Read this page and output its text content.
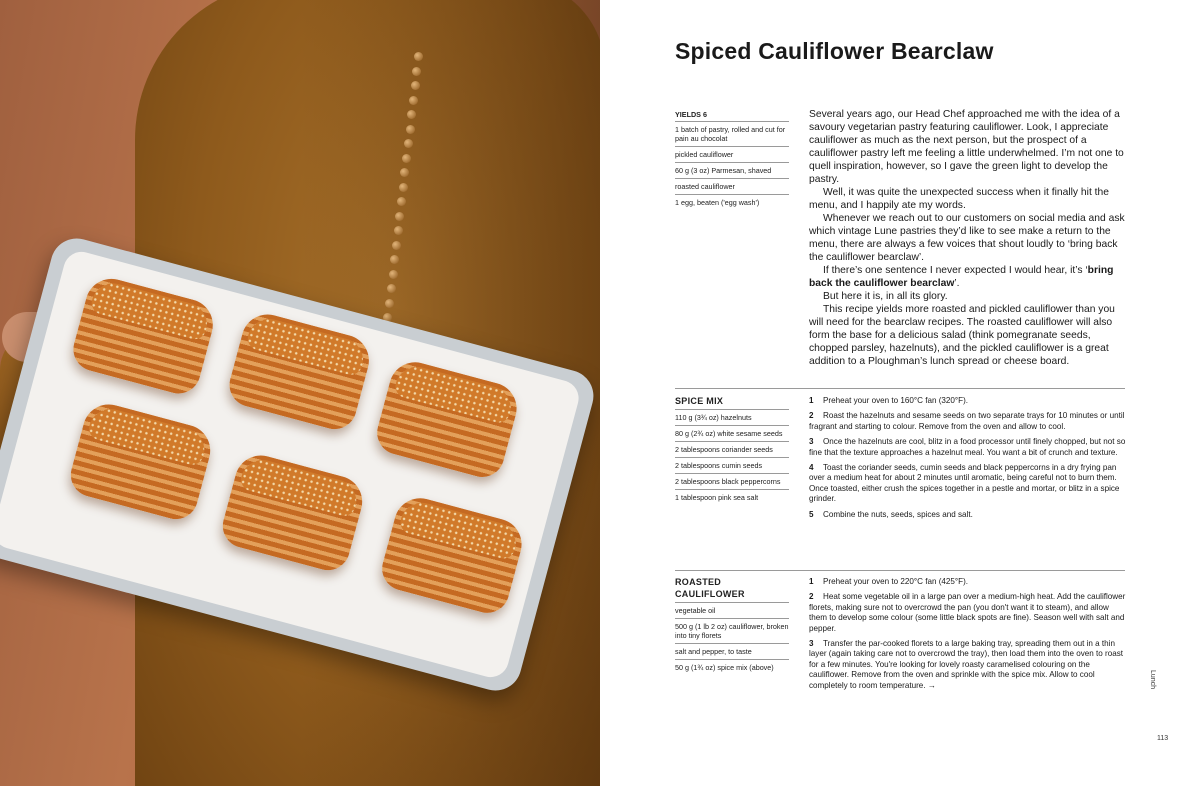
Spiced Cauliflower Bearclaw
YIELDS 6
1 batch of pastry, rolled and cut for pain au chocolat
pickled cauliflower
60 g (3 oz) Parmesan, shaved
roasted cauliflower
1 egg, beaten ('egg wash')

Several years ago, our Head Chef approached me with the idea of a savoury vegetarian pastry featuring cauliflower. Look, I appreciate cauliflower as much as the next person, but the prospect of a cauliflower pastry left me feeling a little underwhelmed. I’m not one to quell inspiration, however, so I gave the green light to develop the pastry.

Well, it was quite the unexpected success when it finally hit the menu, and I happily ate my words.

Whenever we reach out to our customers on social media and ask which vintage Lune pastries they’d like to see make a return to the menu, there are always a few voices that shout loudly to ‘bring back the cauliflower bearclaw’.

If there’s one sentence I never expected I would hear, it’s ‘bring back the cauliflower bearclaw’.

But here it is, in all its glory.

This recipe yields more roasted and pickled cauliflower than you will need for the bearclaw recipes. The roasted cauliflower will also form the base for a delicious salad (think pomegranate seeds, chopped parsley, hazelnuts), and the pickled cauliflower is a great addition to a Ploughman’s lunch spread or cheese board.

SPICE MIX
110 g (3¾ oz) hazelnuts
80 g (2¾ oz) white sesame seeds
2 tablespoons coriander seeds
2 tablespoons cumin seeds
2 tablespoons black peppercorns
1 tablespoon pink sea salt
1 Preheat your oven to 160°C fan (320°F).
2 Roast the hazelnuts and sesame seeds on two separate trays for 10 minutes or until fragrant and starting to colour. Remove from the oven and allow to cool.
3 Once the hazelnuts are cool, blitz in a food processor until finely chopped, but not so fine that the texture approaches a hazelnut meal. You want a bit of crunch and texture.
4 Toast the coriander seeds, cumin seeds and black peppercorns in a dry frying pan over a medium heat for about 2 minutes until aromatic, being careful not to burn them. Once toasted, either crush the spices together in a pestle and mortar, or blitz in a spice grinder.
5 Combine the nuts, seeds, spices and salt.
ROASTED CAULIFLOWER
vegetable oil
500 g (1 lb 2 oz) cauliflower, broken into tiny florets
salt and pepper, to taste
50 g (1¾ oz) spice mix (above)
1 Preheat your oven to 220°C fan (425°F).
2 Heat some vegetable oil in a large pan over a medium-high heat. Add the cauliflower florets, making sure not to overcrowd the pan (you don't want it to steam), and allow them to develop some colour (some little black spots are fine). Season well with salt and pepper.
3 Transfer the par-cooked florets to a large baking tray, spreading them out in a thin layer (again taking care not to overcrowd the tray), then load them into the oven to roast for a few minutes. You're looking for lovely roasty caramelised colouring on the cauliflower. Remove from the oven and sprinkle with the spice mix. Allow to cool completely to room temperature. →	Lunch
113
